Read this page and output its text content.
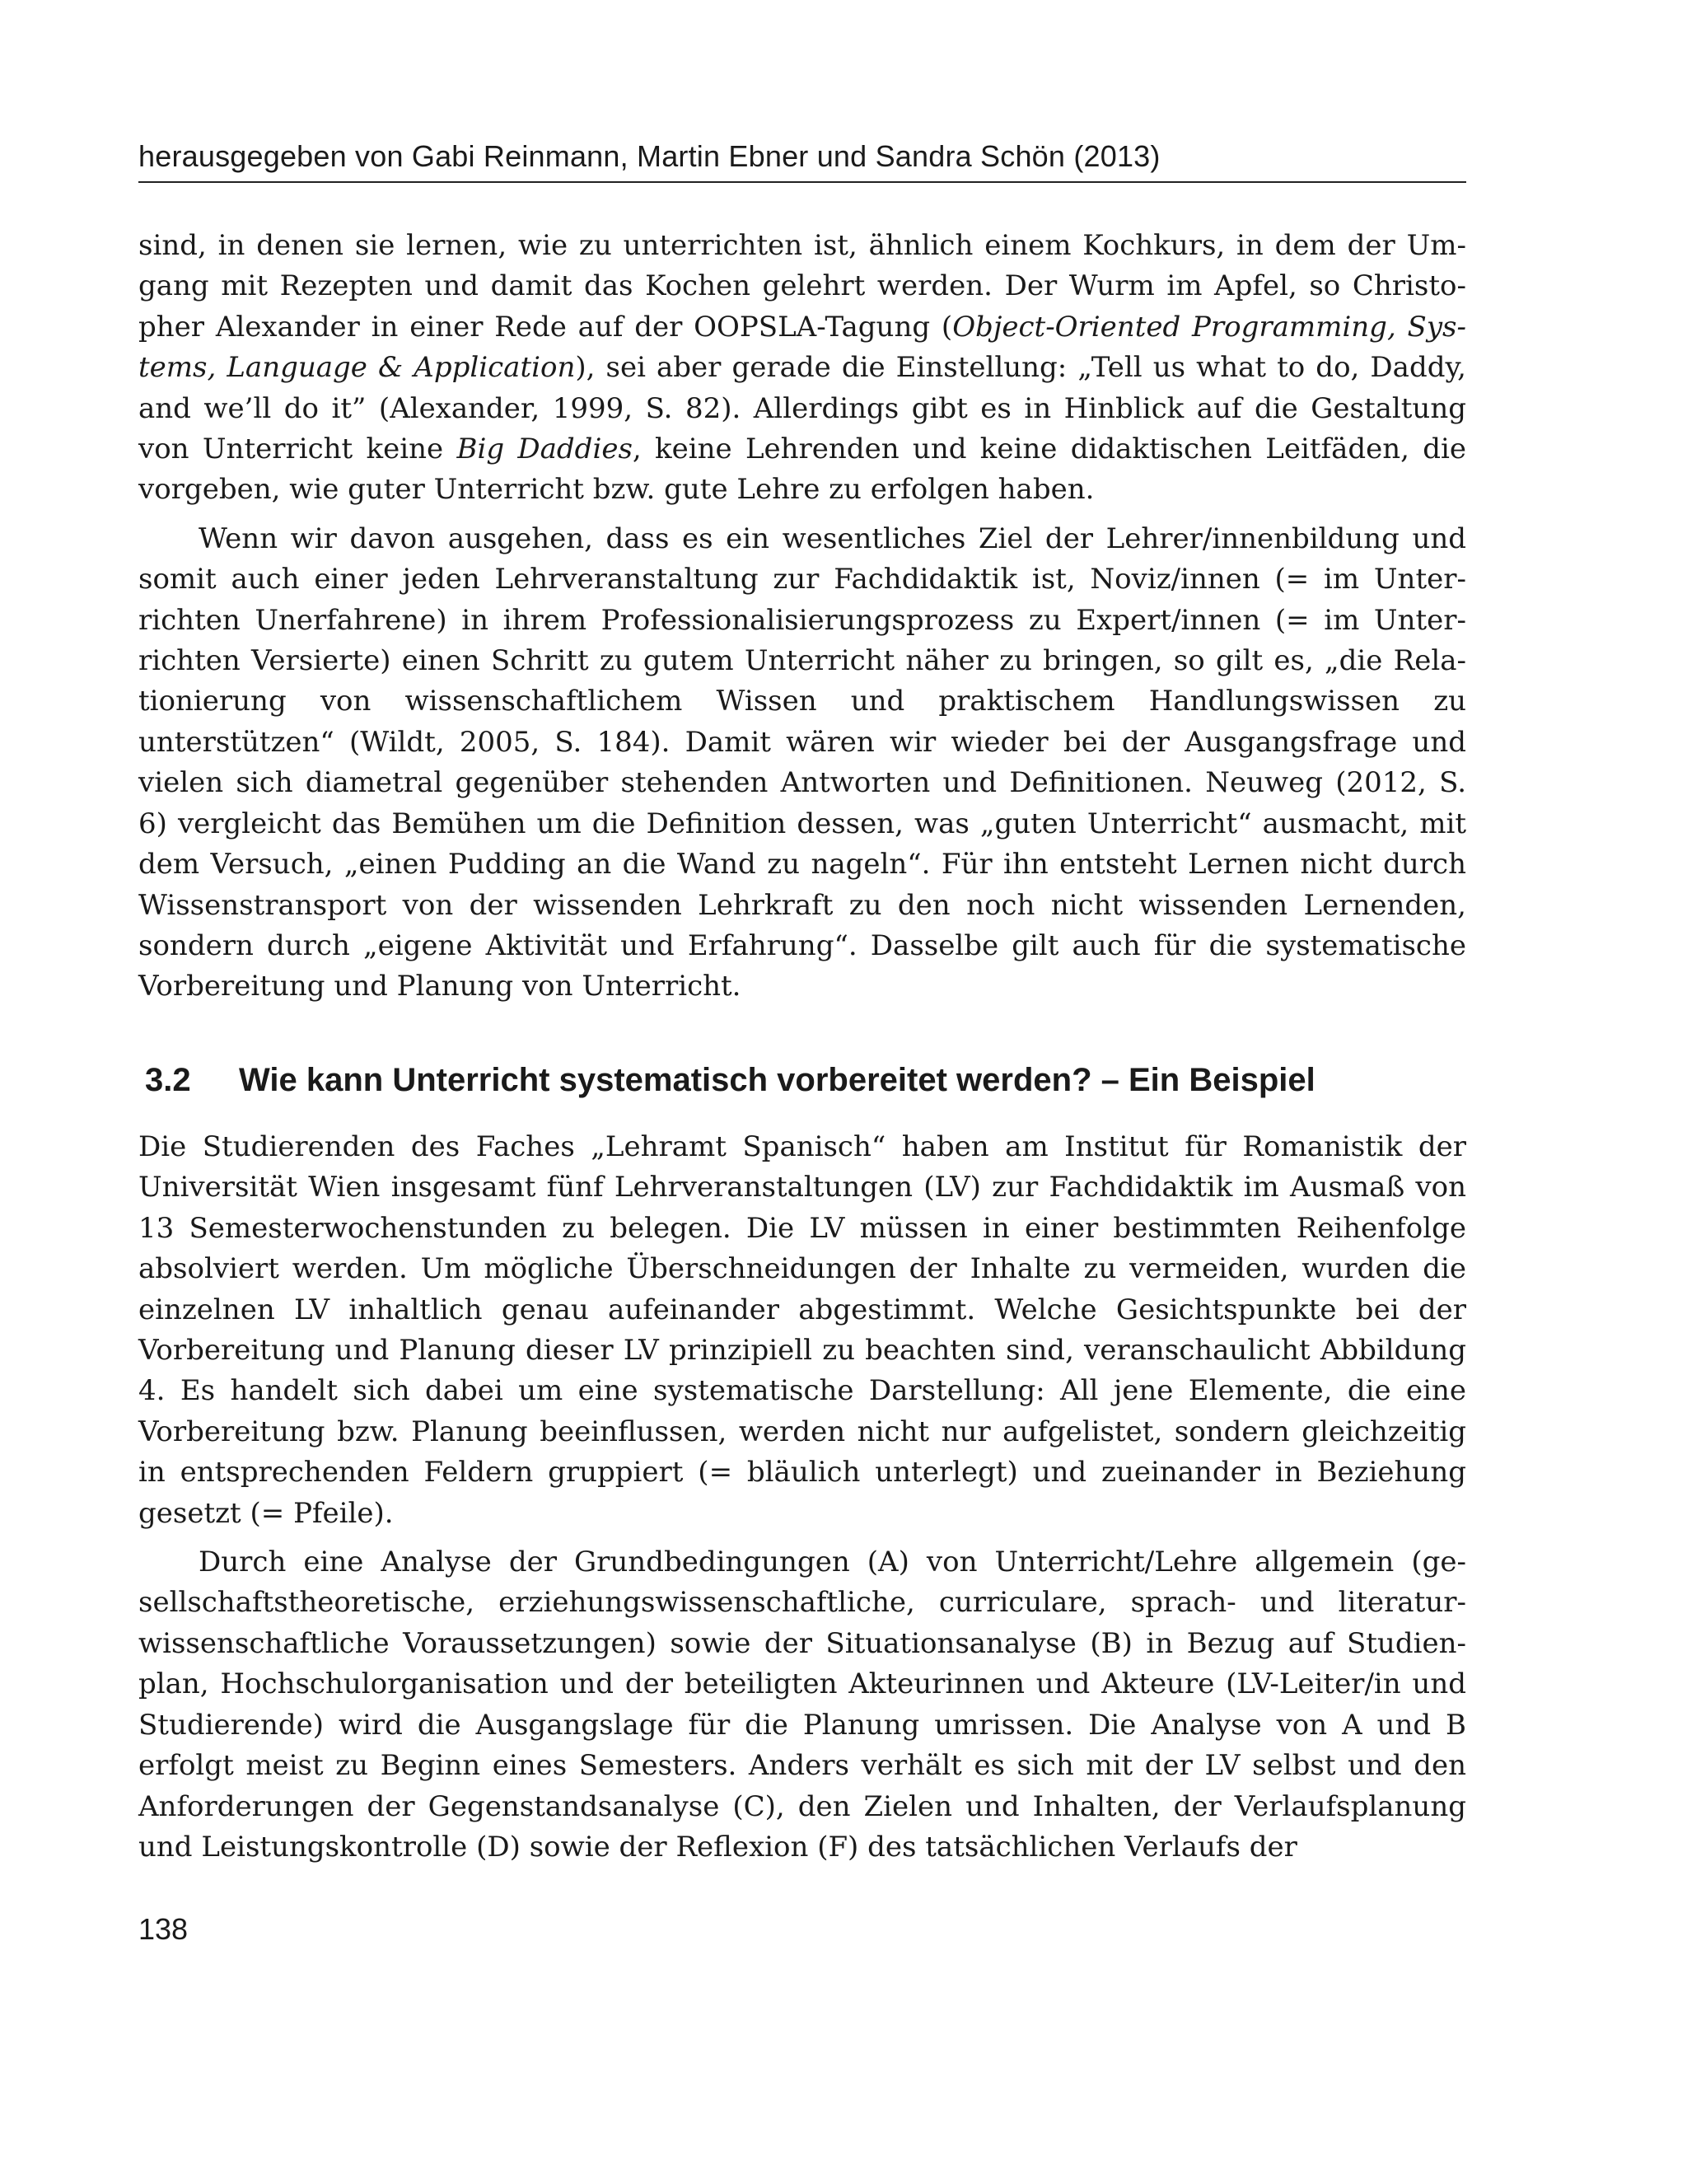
herausgegeben von Gabi Reinmann, Martin Ebner und Sandra Schön (2013)

sind, in denen sie lernen, wie zu unterrichten ist, ähnlich einem Kochkurs, in dem der Umgang mit Rezepten und damit das Kochen gelehrt werden. Der Wurm im Apfel, so Christopher Alexander in einer Rede auf der OOPSLA-Tagung (Object-Oriented Programming, Systems, Language & Application), sei aber gerade die Einstellung: „Tell us what to do, Daddy, and we’ll do it” (Alexander, 1999, S. 82). Allerdings gibt es in Hinblick auf die Gestaltung von Unterricht keine Big Daddies, keine Lehrenden und keine didaktischen Leitfäden, die vorgeben, wie guter Unterricht bzw. gute Lehre zu erfolgen haben.

Wenn wir davon ausgehen, dass es ein wesentliches Ziel der Lehrer/innenbildung und somit auch einer jeden Lehrveranstaltung zur Fachdidaktik ist, Noviz/innen (= im Unterrichten Unerfahrene) in ihrem Professionalisierungsprozess zu Expert/innen (= im Unterrichten Versierte) einen Schritt zu gutem Unterricht näher zu bringen, so gilt es, „die Relationierung von wissenschaftlichem Wissen und praktischem Handlungswissen zu unterstützen“ (Wildt, 2005, S. 184). Damit wären wir wieder bei der Ausgangsfrage und vielen sich diametral gegenüber stehenden Antworten und Definitionen. Neuweg (2012, S. 6) vergleicht das Bemühen um die Definition dessen, was „guten Unterricht“ ausmacht, mit dem Versuch, „einen Pudding an die Wand zu nageln“. Für ihn entsteht Lernen nicht durch Wissenstransport von der wissenden Lehrkraft zu den noch nicht wissenden Lernenden, sondern durch „eigene Aktivität und Erfahrung“. Dasselbe gilt auch für die systematische Vorbereitung und Planung von Unterricht.

3.2 Wie kann Unterricht systematisch vorbereitet werden? – Ein Beispiel

Die Studierenden des Faches „Lehramt Spanisch“ haben am Institut für Romanistik der Universität Wien insgesamt fünf Lehrveranstaltungen (LV) zur Fachdidaktik im Ausmaß von 13 Semesterwochenstunden zu belegen. Die LV müssen in einer bestimmten Reihenfolge absolviert werden. Um mögliche Überschneidungen der Inhalte zu vermeiden, wurden die einzelnen LV inhaltlich genau aufeinander abgestimmt. Welche Gesichtspunkte bei der Vorbereitung und Planung dieser LV prinzipiell zu beachten sind, veranschaulicht Abbildung 4. Es handelt sich dabei um eine systematische Darstellung: All jene Elemente, die eine Vorbereitung bzw. Planung beeinflussen, werden nicht nur aufgelistet, sondern gleichzeitig in entsprechenden Feldern gruppiert (= bläulich unterlegt) und zueinander in Beziehung gesetzt (= Pfeile).

Durch eine Analyse der Grundbedingungen (A) von Unterricht/Lehre allgemein (gesellschaftstheoretische, erziehungswissenschaftliche, curriculare, sprach- und literaturwissenschaftliche Voraussetzungen) sowie der Situationsanalyse (B) in Bezug auf Studienplan, Hochschulorganisation und der beteiligten Akteurinnen und Akteure (LV-Leiter/in und Studierende) wird die Ausgangslage für die Planung umrissen. Die Analyse von A und B erfolgt meist zu Beginn eines Semesters. Anders verhält es sich mit der LV selbst und den Anforderungen der Gegenstandsanalyse (C), den Zielen und Inhalten, der Verlaufsplanung und Leistungskontrolle (D) sowie der Reflexion (F) des tatsächlichen Verlaufs der

138
